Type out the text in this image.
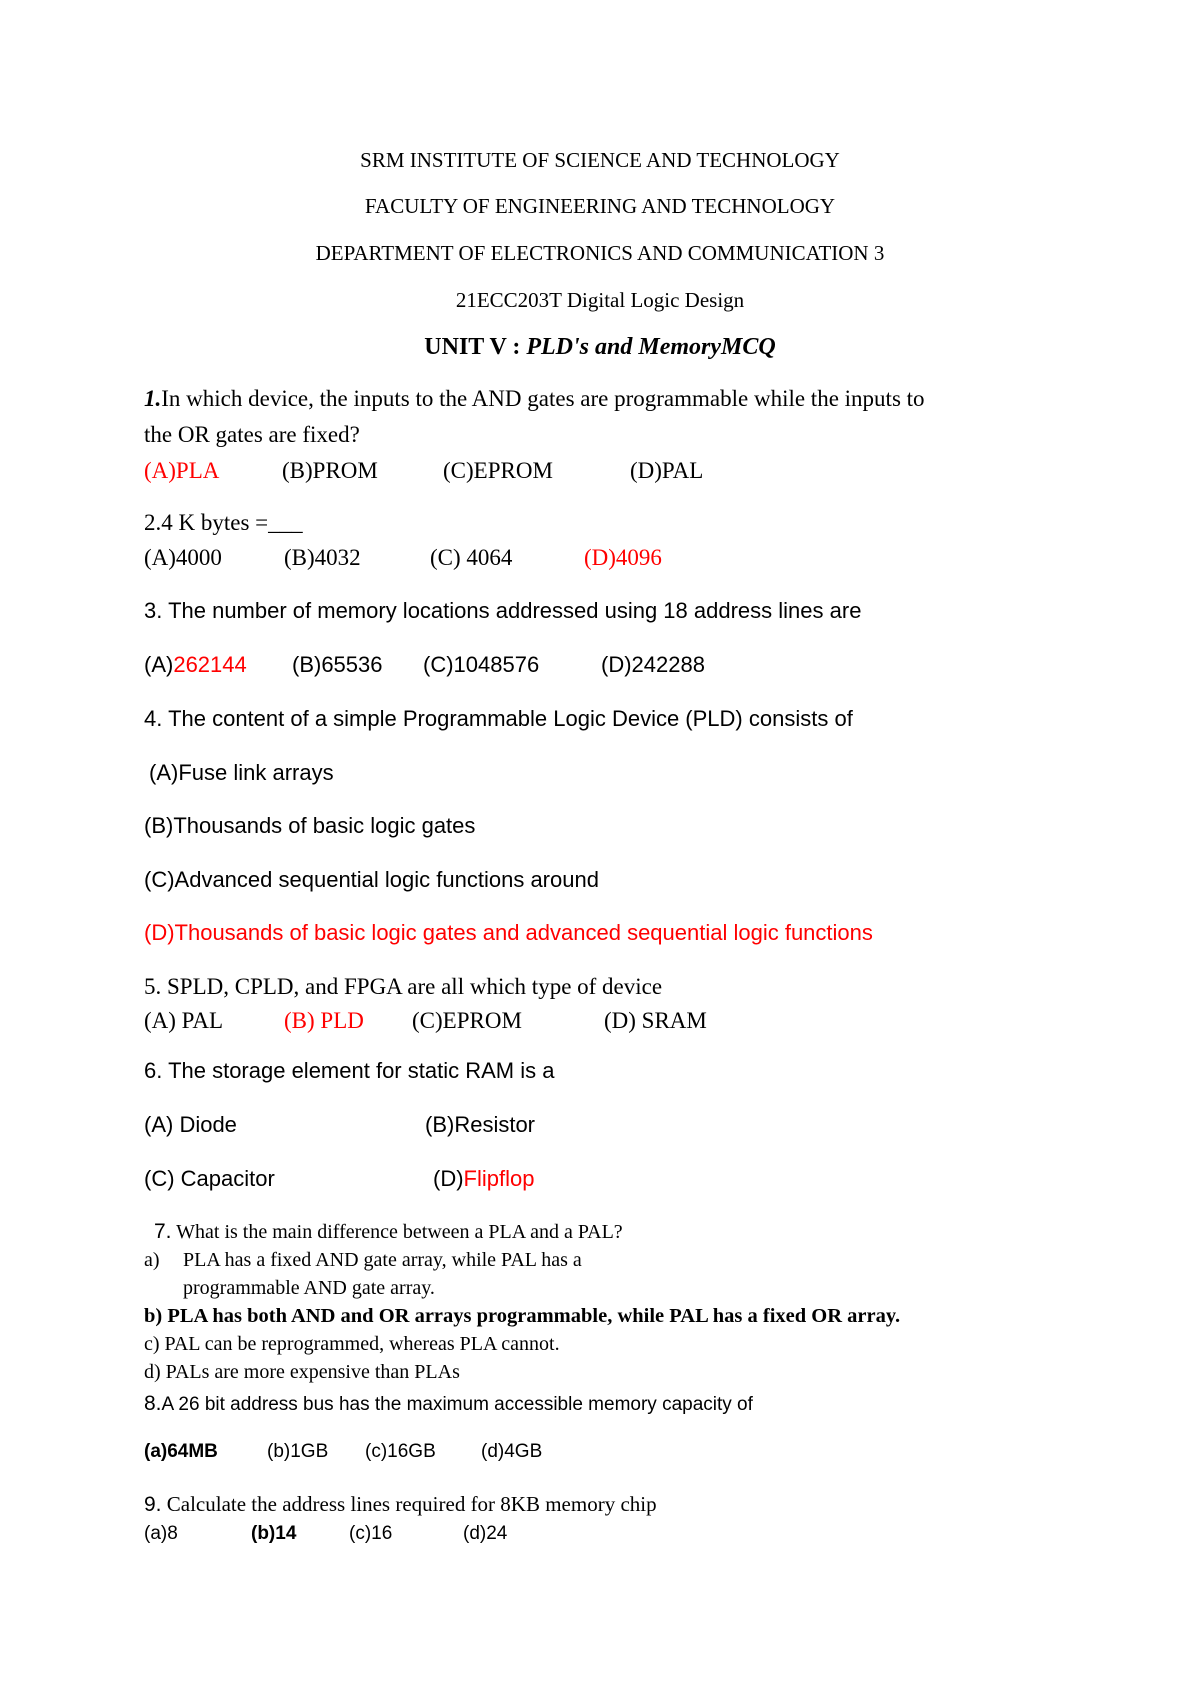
SRM INSTITUTE OF SCIENCE AND TECHNOLOGY
FACULTY OF ENGINEERING AND TECHNOLOGY
DEPARTMENT OF ELECTRONICS AND COMMUNICATION 3
21ECC203T Digital Logic Design
UNIT V : PLD's and MemoryMCQ
1.In which device, the inputs to the AND gates are programmable while the inputs to
the OR gates are fixed?
(A)PLA	(B)PROM	(C)EPROM	(D)PAL
2.4 K bytes =___
(A)4000	(B)4032	(C) 4064	(D)4096
3. The number of memory locations addressed using 18 address lines are
(A)262144 (B)65536 (C)1048576	(D)242288
4. The content of a simple Programmable Logic Device (PLD) consists of
(A)Fuse link arrays
(B)Thousands of basic logic gates
(C)Advanced sequential logic functions around
(D)Thousands of basic logic gates and advanced sequential logic functions
5. SPLD, CPLD, and FPGA are all which type of device
(A) PAL	(B) PLD (C)EPROM	(D) SRAM
6. The storage element for static RAM is a
(A) Diode	(B)Resistor
(C) Capacitor	(D)Flipflop
7. What is the main difference between a PLA and a PAL?
a) PLA has a fixed AND gate array, while PAL has a
programmable AND gate array.
b) PLA has both AND and OR arrays programmable, while PAL has a fixed OR array.
c) PAL can be reprogrammed, whereas PLA cannot.
d) PALs are more expensive than PLAs
8.A 26 bit address bus has the maximum accessible memory capacity of
(a)64MB	(b)1GB (c)16GB (d)4GB
9. Calculate the address lines required for 8KB memory chip
(a)8	(b)14	(c)16	(d)24
